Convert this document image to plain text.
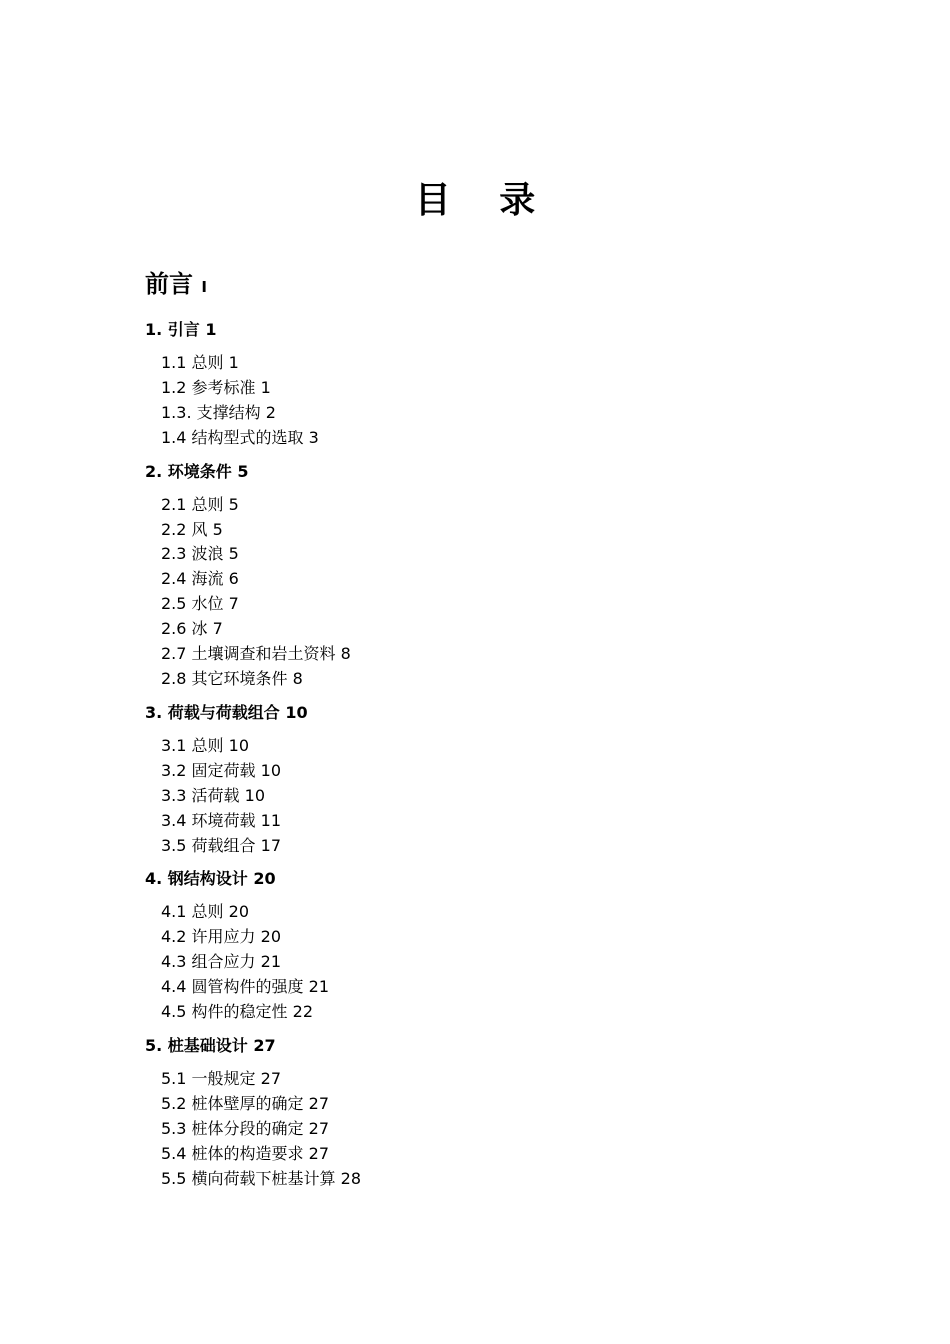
目 录
前言 I
1. 引言 1
1.1 总则 1
1.2 参考标准 1
1.3. 支撑结构 2
1.4 结构型式的选取 3
2. 环境条件 5
2.1 总则 5
2.2 风 5
2.3 波浪 5
2.4 海流 6
2.5 水位 7
2.6 冰 7
2.7 土壤调查和岩土资料 8
2.8 其它环境条件 8
3. 荷载与荷载组合 10
3.1 总则 10
3.2 固定荷载 10
3.3 活荷载 10
3.4 环境荷载 11
3.5 荷载组合 17
4. 钢结构设计 20
4.1 总则 20
4.2 许用应力 20
4.3 组合应力 21
4.4 圆管构件的强度 21
4.5 构件的稳定性 22
5. 桩基础设计 27
5.1 一般规定 27
5.2 桩体壁厚的确定 27
5.3 桩体分段的确定 27
5.4 桩体的构造要求 27
5.5 横向荷载下桩基计算 28
